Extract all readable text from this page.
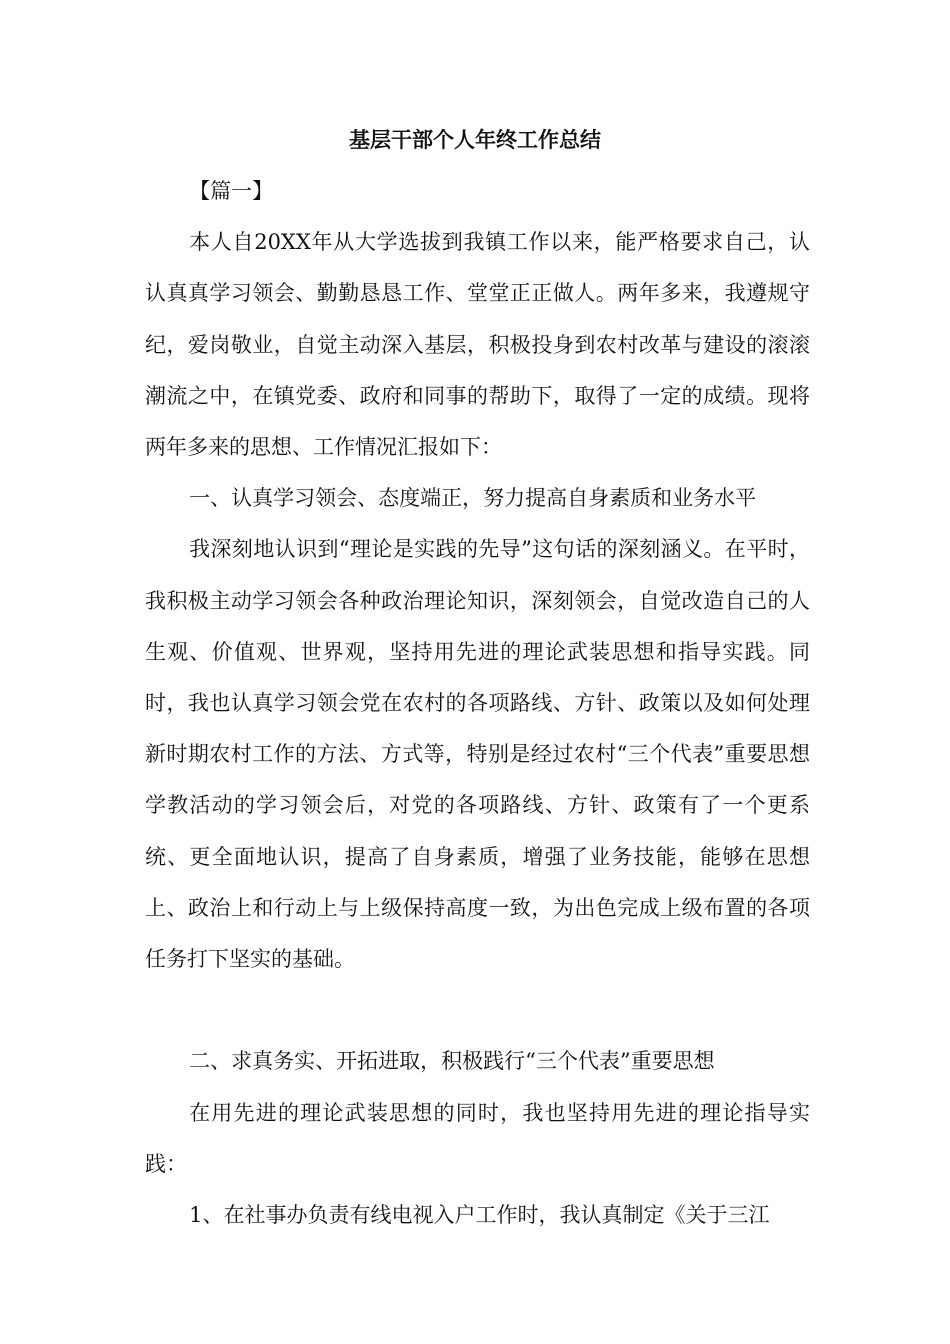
基层干部个人年终工作总结

【篇一】

本人自20XX年从大学选拔到我镇工作以来，能严格要求自己，认认真真学习领会、勤勤恳恳工作、堂堂正正做人。两年多来，我遵规守纪，爱岗敬业，自觉主动深入基层，积极投身到农村改革与建设的滚滚潮流之中，在镇党委、政府和同事的帮助下，取得了一定的成绩。现将两年多来的思想、工作情况汇报如下：

一、认真学习领会、态度端正，努力提高自身素质和业务水平

我深刻地认识到“理论是实践的先导”这句话的深刻涵义。在平时，我积极主动学习领会各种政治理论知识，深刻领会，自觉改造自己的人生观、价值观、世界观，坚持用先进的理论武装思想和指导实践。同时，我也认真学习领会党在农村的各项路线、方针、政策以及如何处理新时期农村工作的方法、方式等，特别是经过农村“三个代表”重要思想学教活动的学习领会后，对党的各项路线、方针、政策有了一个更系统、更全面地认识，提高了自身素质，增强了业务技能，能够在思想上、政治上和行动上与上级保持高度一致，为出色完成上级布置的各项任务打下坚实的基础。

二、求真务实、开拓进取，积极践行“三个代表”重要思想

在用先进的理论武装思想的同时，我也坚持用先进的理论指导实践：

1、在社事办负责有线电视入户工作时，我认真制定《关于三江
